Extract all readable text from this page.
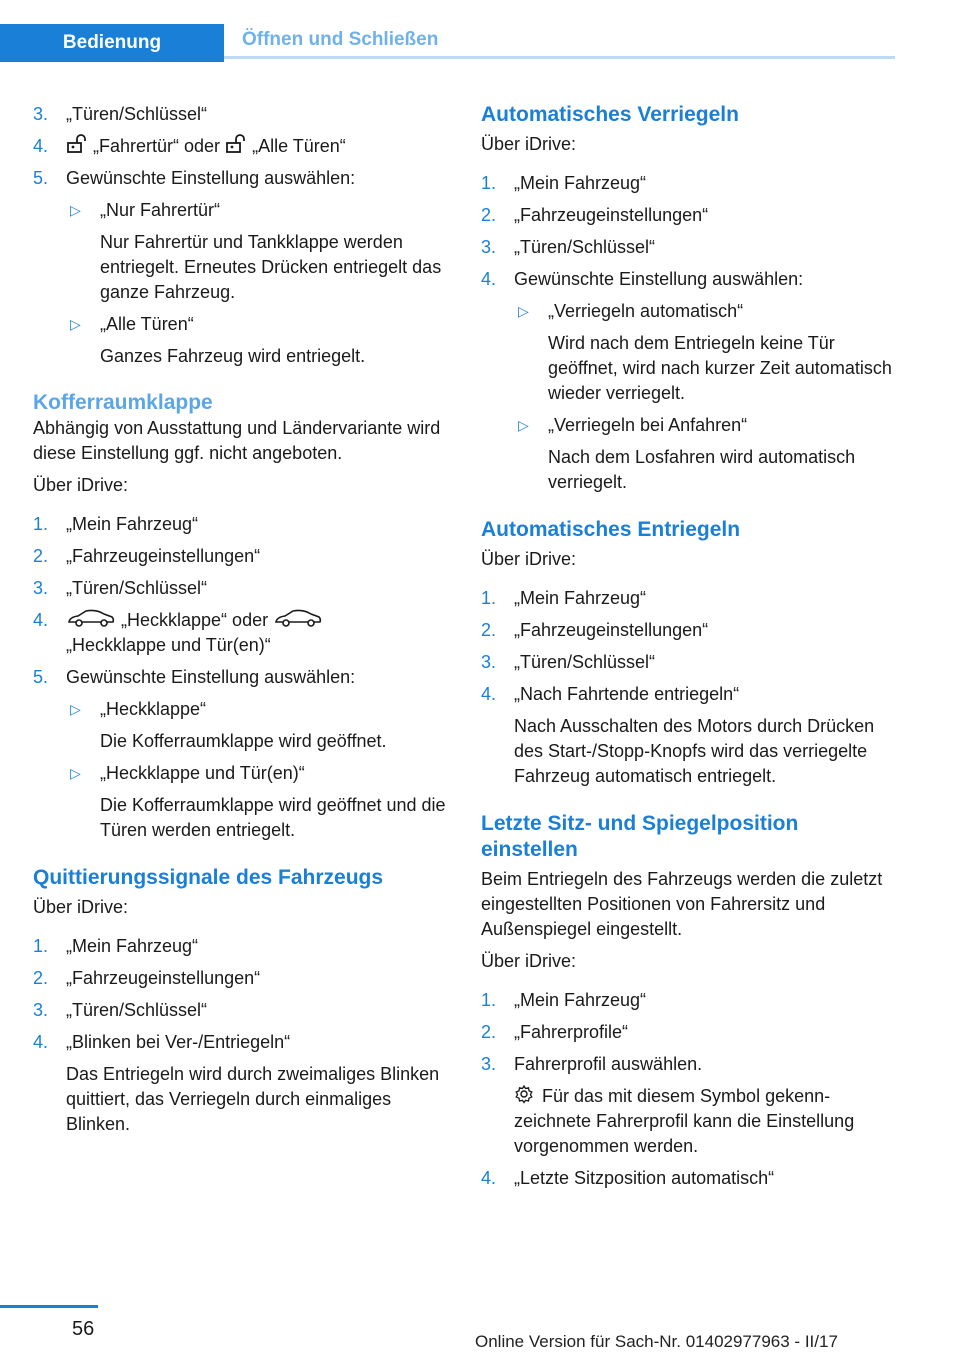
Bedienung	Öffnen und Schließen
3. „Türen/Schlüssel“
4.	„Fahrertür“ oder „Alle Türen“
5. Gewünschte Einstellung auswählen:
▷ „Nur Fahrertür“
Nur Fahrertür und Tankklappe werden entriegelt. Erneutes Drücken entriegelt das ganze Fahrzeug.
▷ „Alle Türen“
Ganzes Fahrzeug wird entriegelt.
Kofferraumklappe

Abhängig von Ausstattung und Ländervariante wird diese Einstellung ggf. nicht angeboten.

Über iDrive:

1. „Mein Fahrzeug“
2. „Fahrzeugeinstellungen“
3. „Türen/Schlüssel“
4.	„Heckklappe“ oder
„Heckklappe und Tür(en)“
5. Gewünschte Einstellung auswählen:
▷ „Heckklappe“
Die Kofferraumklappe wird geöffnet.
▷ „Heckklappe und Tür(en)“
Die Kofferraumklappe wird geöffnet und die Türen werden entriegelt.
Quittierungssignale des Fahrzeugs

Über iDrive:

1. „Mein Fahrzeug“
2. „Fahrzeugeinstellungen“
3. „Türen/Schlüssel“
4. „Blinken bei Ver-/Entriegeln“
Das Entriegeln wird durch zweimaliges Blinken quittiert, das Verriegeln durch einmaliges Blinken.
Automatisches Verriegeln

Über iDrive:

1. „Mein Fahrzeug“
2. „Fahrzeugeinstellungen“
3. „Türen/Schlüssel“
4. Gewünschte Einstellung auswählen:
▷ „Verriegeln automatisch“
Wird nach dem Entriegeln keine Tür geöffnet, wird nach kurzer Zeit automatisch wieder verriegelt.
▷ „Verriegeln bei Anfahren“
Nach dem Losfahren wird automatisch verriegelt.
Automatisches Entriegeln

Über iDrive:

1. „Mein Fahrzeug“
2. „Fahrzeugeinstellungen“
3. „Türen/Schlüssel“
4. „Nach Fahrtende entriegeln“
Nach Ausschalten des Motors durch Drücken des Start-/Stopp-Knopfs wird das verriegelte Fahrzeug automatisch entriegelt.
Letzte Sitz- und Spiegelposition einstellen

Beim Entriegeln des Fahrzeugs werden die zuletzt eingestellten Positionen von Fahrersitz und Außenspiegel eingestellt.

Über iDrive:

1. „Mein Fahrzeug“
2. „Fahrerprofile“
3. Fahrerprofil auswählen.
Für das mit diesem Symbol gekennzeichnete Fahrerprofil kann die Einstellung vorgenommen werden.
4. „Letzte Sitzposition automatisch“
56
Online Version für Sach-Nr. 01402977963 - II/17
